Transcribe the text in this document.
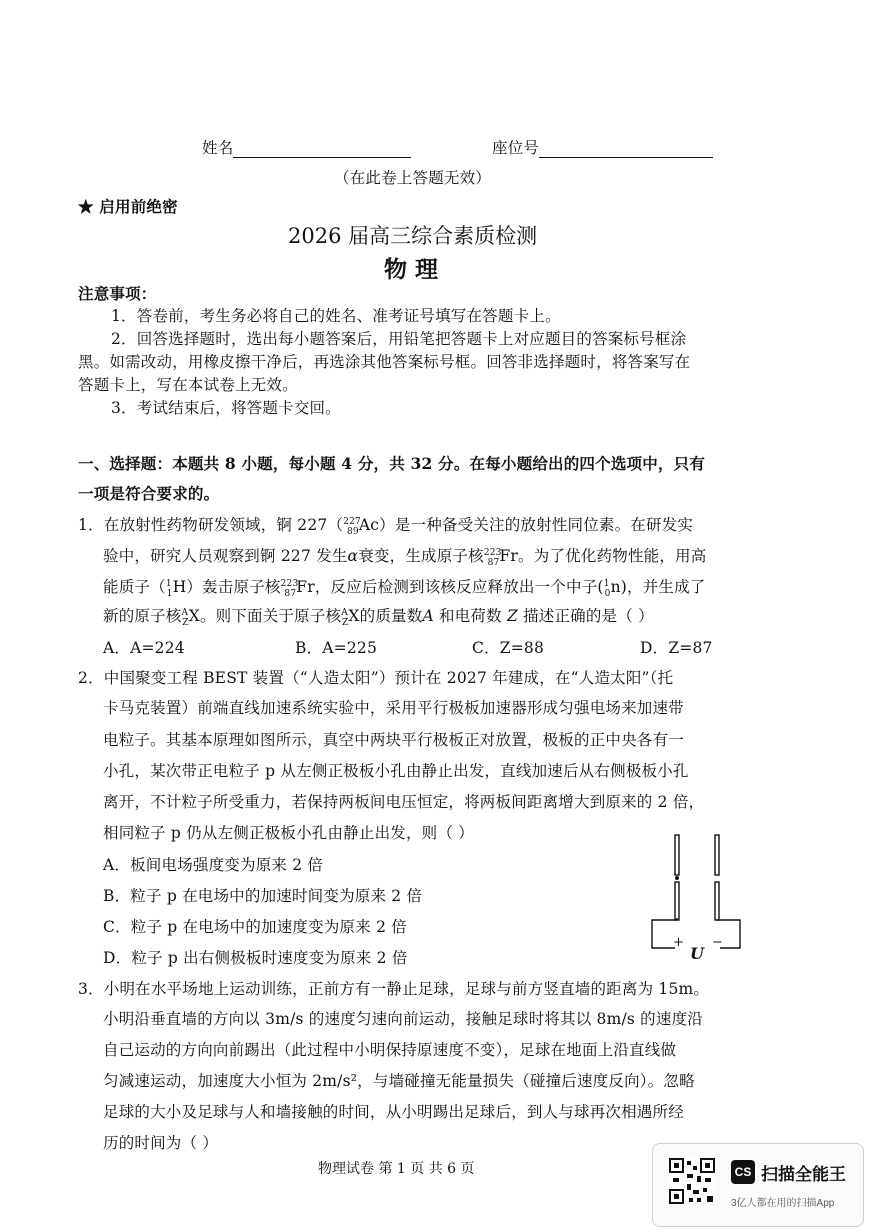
姓名	座位号
（在此卷上答题无效）
★ 启用前绝密
2026 届高三综合素质检测
物 理
注意事项：
1．答卷前，考生务必将自己的姓名、准考证号填写在答题卡上。
2．回答选择题时，选出每小题答案后，用铅笔把答题卡上对应题目的答案标号框涂
黑。如需改动，用橡皮擦干净后，再选涂其他答案标号框。回答非选择题时，将答案写在
答题卡上，写在本试卷上无效。
3．考试结束后，将答题卡交回。
一、选择题：本题共 8 小题，每小题 4 分，共 32 分。在每小题给出的四个选项中，只有
一项是符合要求的。
1．在放射性药物研发领域，锕 227（$^{227}_{89}$Ac）是一种备受关注的放射性同位素。在研发实
验中，研究人员观察到锕 227 发生α衰变，生成原子核$^{223}_{87}$Fr。为了优化药物性能，用高
能质子（$^1_1$H）轰击原子核$^{223}_{87}$Fr，反应后检测到该核反应释放出一个中子($^1_0$n)，并生成了
新的原子核$^A_Z$X。则下面关于原子核$^A_Z$X的质量数A 和电荷数 Z 描述正确的是（ ）
A．A=224	B．A=225	C．Z=88	D．Z=87
2．中国聚变工程 BEST 装置（“人造太阳”）预计在 2027 年建成，在“人造太阳”（托
卡马克装置）前端直线加速系统实验中，采用平行极板加速器形成匀强电场来加速带
电粒子。其基本原理如图所示，真空中两块平行极板正对放置，极板的正中央各有一
小孔，某次带正电粒子 p 从左侧正极板小孔由静止出发，直线加速后从右侧极板小孔
离开，不计粒子所受重力，若保持两板间电压恒定，将两板间距离增大到原来的 2 倍，
相同粒子 p 仍从左侧正极板小孔由静止出发，则（ ）
A．板间电场强度变为原来 2 倍
B．粒子 p 在电场中的加速时间变为原来 2 倍
C．粒子 p 在电场中的加速度变为原来 2 倍
D．粒子 p 出右侧极板时速度变为原来 2 倍
+
U
−
3．小明在水平场地上运动训练，正前方有一静止足球，足球与前方竖直墙的距离为 15m。
小明沿垂直墙的方向以 3m/s 的速度匀速向前运动，接触足球时将其以 8m/s 的速度沿
自己运动的方向向前踢出（此过程中小明保持原速度不变），足球在地面上沿直线做
匀减速运动，加速度大小恒为 2m/s²，与墙碰撞无能量损失（碰撞后速度反向）。忽略
足球的大小及足球与人和墙接触的时间，从小明踢出足球后，到人与球再次相遇所经
历的时间为（ ）
物理试卷 第 1 页 共 6 页	CS 扫描全能王
3亿人都在用的扫描App
